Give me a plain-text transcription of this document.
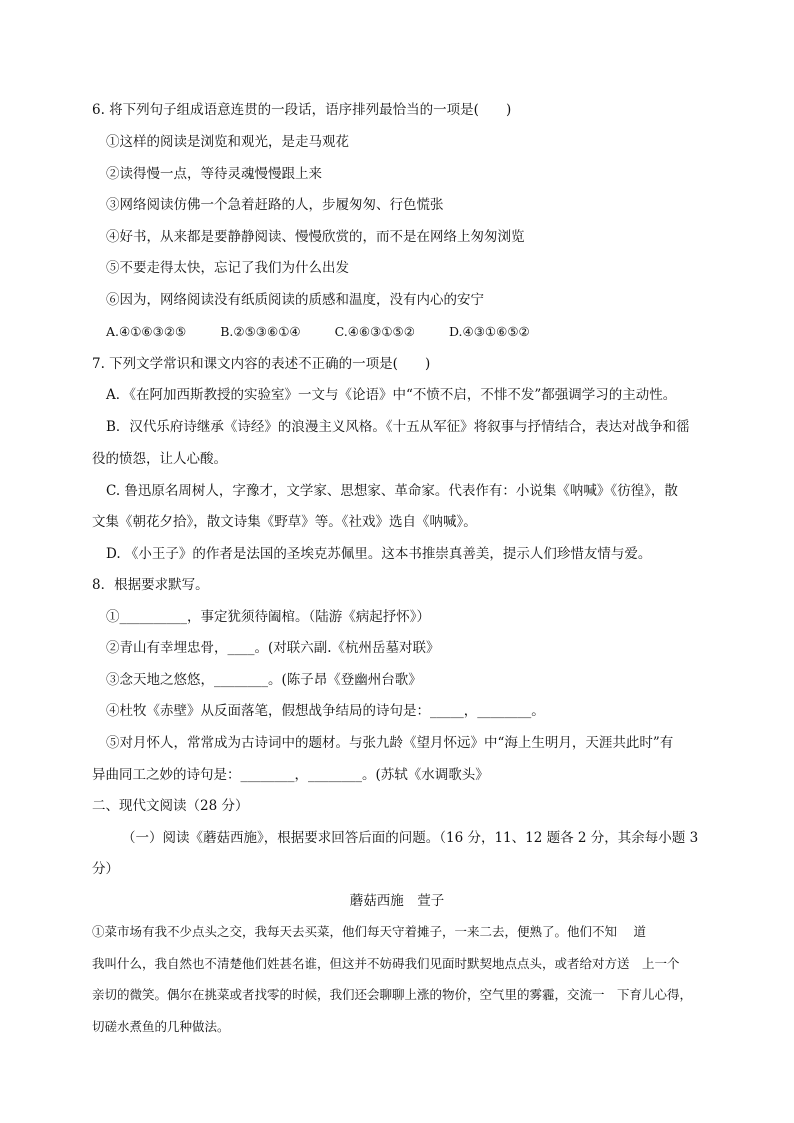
6. 将下列句子组成语意连贯的一段话，语序排列最恰当的一项是(　　)
①这样的阅读是浏览和观光，是走马观花
②读得慢一点，等待灵魂慢慢跟上来
③网络阅读仿佛一个急着赶路的人，步履匆匆、行色慌张
④好书，从来都是要静静阅读、慢慢欣赏的，而不是在网络上匆匆浏览
⑤不要走得太快，忘记了我们为什么出发
⑥因为，网络阅读没有纸质阅读的质感和温度，没有内心的安宁
A.④①⑥③②⑤	B.②⑤③⑥①④	C.④⑥③①⑤②	D.④③①⑥⑤②
7. 下列文学常识和课文内容的表述不正确的一项是(　　)
A．《在阿加西斯教授的实验室》一文与《论语》中“不愤不启，不悱不发”都强调学习的主动性。
B．汉代乐府诗继承《诗经》的浪漫主义风格。《十五从军征》将叙事与抒情结合，表达对战争和徭
役的愤怨，让人心酸。
C. 鲁迅原名周树人，字豫才，文学家、思想家、革命家。代表作有：小说集《呐喊》《彷徨》，散
文集《朝花夕拾》，散文诗集《野草》等。《社戏》选自《呐喊》。
D. 《小王子》的作者是法国的圣埃克苏佩里。这本书推崇真善美，提示人们珍惜友情与爱。
8．根据要求默写。
①__________，事定犹须待阖棺。（陆游《病起抒怀》）
②青山有幸埋忠骨，____。(对联六副.《杭州岳墓对联》
③念天地之悠悠，________。(陈子昂《登幽州台歌》
④杜牧《赤壁》从反面落笔，假想战争结局的诗句是：_____，________。
⑤对月怀人，常常成为古诗词中的题材。与张九龄《望月怀远》中“海上生明月，天涯共此时”有
异曲同工之妙的诗句是：________，________。(苏轼《水调歌头》
二、现代文阅读（28 分）
（一）阅读《蘑菇西施》，根据要求回答后面的问题。（16 分，11、12 题各 2 分，其余每小题 3
分）
蘑菇西施　萱子
①菜市场有我不少点头之交，我每天去买菜，他们每天守着摊子，一来二去，便熟了。他们不知　 道
我叫什么，我自然也不清楚他们姓甚名谁，但这并不妨碍我们见面时默契地点点头，或者给对方送　上一个
亲切的微笑。偶尔在挑菜或者找零的时候，我们还会聊聊上涨的物价，空气里的雾霾，交流一　下育儿心得，
切磋水煮鱼的几种做法。
